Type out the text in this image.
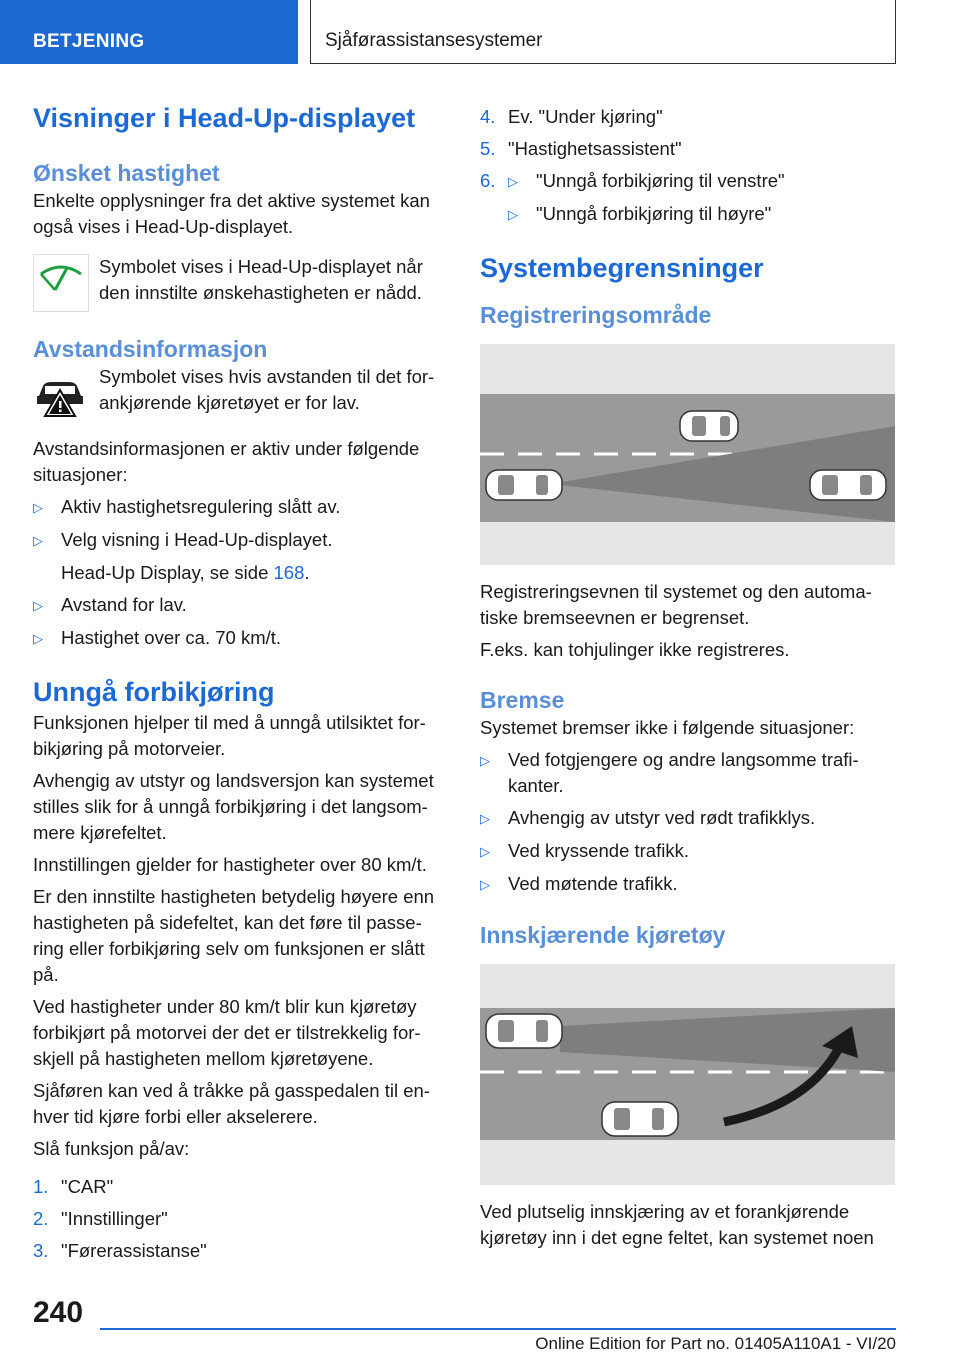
BETJENING	Sjåførassistansesystemer
Visninger i Head-Up-displayet
Ønsket hastighet
Enkelte opplysninger fra det aktive systemet kan også vises i Head-Up-displayet.
Symbolet vises i Head-Up-displayet når den innstilte ønskehastigheten er nådd.
Avstandsinformasjon
Symbolet vises hvis avstanden til det for-ankjørende kjøretøyet er for lav.
Avstandsinformasjonen er aktiv under følgende situasjoner:
▷ Aktiv hastighetsregulering slått av.
▷ Velg visning i Head-Up-displayet.
Head-Up Display, se side 168.
▷ Avstand for lav.
▷ Hastighet over ca. 70 km/t.
Unngå forbikjøring
Funksjonen hjelper til med å unngå utilsiktet for-bikjøring på motorveier.
Avhengig av utstyr og landsversjon kan systemet stilles slik for å unngå forbikjøring i det langsom-mere kjørefeltet.
Innstillingen gjelder for hastigheter over 80 km/t.
Er den innstilte hastigheten betydelig høyere enn hastigheten på sidefeltet, kan det føre til passe-ring eller forbikjøring selv om funksjonen er slått på.
Ved hastigheter under 80 km/t blir kun kjøretøy forbikjørt på motorvei der det er tilstrekkelig for-skjell på hastigheten mellom kjøretøyene.
Sjåføren kan ved å tråkke på gasspedalen til en-hver tid kjøre forbi eller akselerere.
Slå funksjon på/av:
1. "CAR"
2. "Innstillinger"
3. "Førerassistanse"
4. Ev. "Under kjøring"
5. "Hastighetsassistent"
6. ▷ "Unngå forbikjøring til venstre"
▷ "Unngå forbikjøring til høyre"
Systembegrensninger
Registreringsområde
Registreringsevnen til systemet og den automa-tiske bremseevnen er begrenset.
F.eks. kan tohjulinger ikke registreres.
Bremse
Systemet bremser ikke i følgende situasjoner:
▷ Ved fotgjengere og andre langsomme trafi-kanter.
▷ Avhengig av utstyr ved rødt trafikklys.
▷ Ved kryssende trafikk.
▷ Ved møtende trafikk.
Innskjærende kjøretøy
Ved plutselig innskjæring av et forankjørende kjøretøy inn i det egne feltet, kan systemet noen
240
Online Edition for Part no. 01405A110A1 - VI/20
